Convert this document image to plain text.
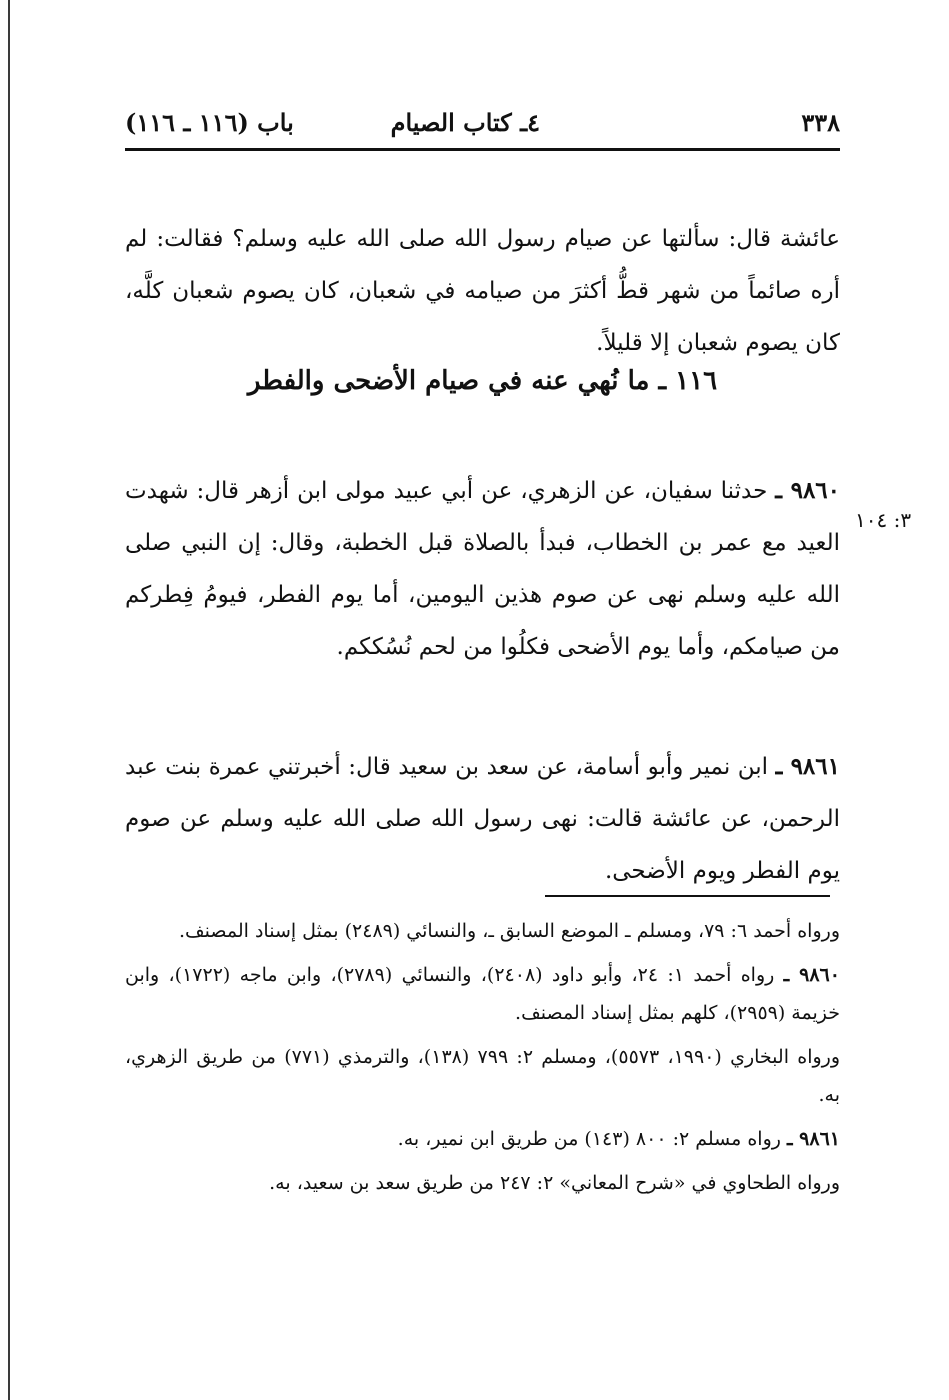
٣٣٨
٤ـ كتاب الصيام
باب (١١٦ ـ ١١٦)

عائشة قال: سألتها عن صيام رسول الله صلى الله عليه وسلم؟ فقالت: لم أره صائماً من شهر قطُّ أكثرَ من صيامه في شعبان، كان يصوم شعبان كلَّه، كان يصوم شعبان إلا قليلاً.

١١٦ ـ ما نُهي عنه في صيام الأضحى والفطر

٩٨٦٠ ـ حدثنا سفيان، عن الزهري، عن أبي عبيد مولى ابن أزهر قال: شهدت العيد مع عمر بن الخطاب، فبدأ بالصلاة قبل الخطبة، وقال: إن النبي صلى الله عليه وسلم نهى عن صوم هذين اليومين، أما يوم الفطر، فيومُ فِطركم من صيامكم، وأما يوم الأضحى فكلُوا من لحم نُسُككم.

٩٨٦١ ـ ابن نمير وأبو أسامة، عن سعد بن سعيد قال: أخبرتني عمرة بنت عبد الرحمن، عن عائشة قالت: نهى رسول الله صلى الله عليه وسلم عن صوم يوم الفطر ويوم الأضحى.

ورواه أحمد ٦: ٧٩، ومسلم ـ الموضع السابق ـ، والنسائي (٢٤٨٩) بمثل إسناد المصنف.

٩٨٦٠ ـ رواه أحمد ١: ٢٤، وأبو داود (٢٤٠٨)، والنسائي (٢٧٨٩)، وابن ماجه (١٧٢٢)، وابن خزيمة (٢٩٥٩)، كلهم بمثل إسناد المصنف.

ورواه البخاري (١٩٩٠، ٥٥٧٣)، ومسلم ٢: ٧٩٩ (١٣٨)، والترمذي (٧٧١) من طريق الزهري، به.

٩٨٦١ ـ رواه مسلم ٢: ٨٠٠ (١٤٣) من طريق ابن نمير، به.

ورواه الطحاوي في «شرح المعاني» ٢: ٢٤٧ من طريق سعد بن سعيد، به.

٣: ١٠٤
